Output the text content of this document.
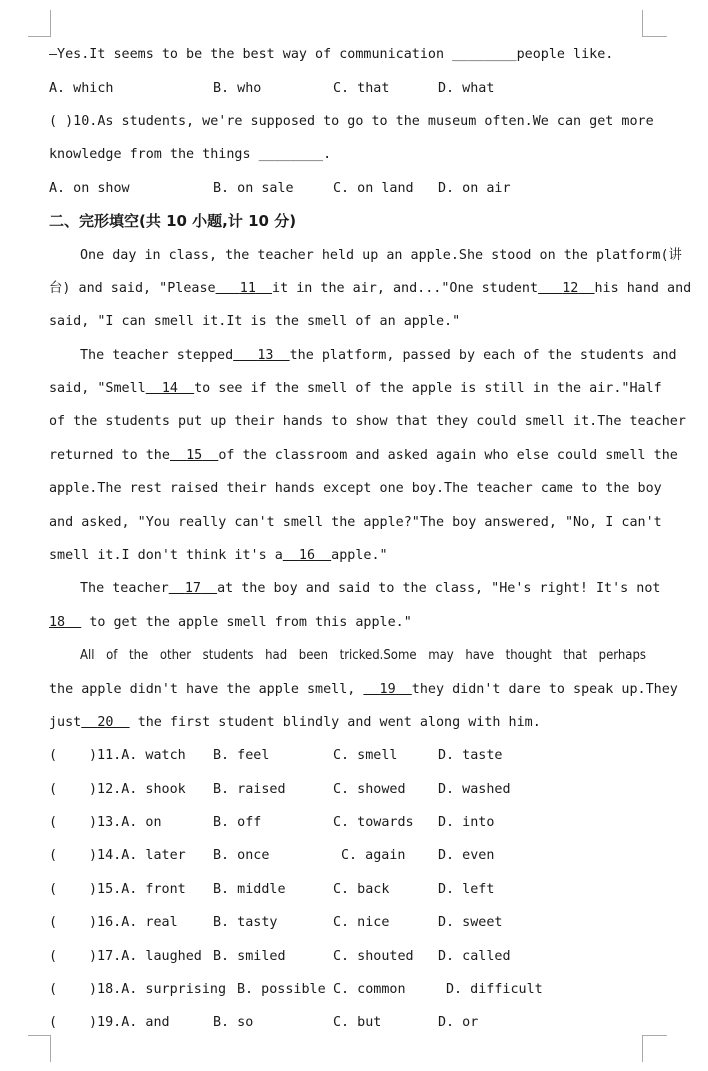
—Yes.It seems to be the best way of communication ________people like.
A. which	B. who	C. that	D. what
( )10.As students, we're supposed to go to the museum often.We can get more
knowledge from the things ________.
A. on show	B. on sale	C. on land D. on air
二、完形填空(共 10 小题,计 10 分)
One day in class, the teacher held up an apple.She stood on the platform(讲
台) and said, "Please 11 it in the air, and..."One student 12 his hand and
said, "I can smell it.It is the smell of an apple."
The teacher stepped 13 the platform, passed by each of the students and
said, "Smell 14 to see if the smell of the apple is still in the air."Half
of the students put up their hands to show that they could smell it.The teacher
returned to the 15 of the classroom and asked again who else could smell the
apple.The rest raised their hands except one boy.The teacher came to the boy
and asked, "You really can't smell the apple?"The boy answered, "No, I can't
smell it.I don't think it's a 16 apple."
The teacher 17 at the boy and said to the class, "He's right! It's not
18 to get the apple smell from this apple."
All of the other students had been tricked.Some may have thought that perhaps
the apple didn't have the apple smell, 19 they didn't dare to speak up.They
just 20 the first student blindly and went along with him.
( )11.A. watch B. feel	C. smell	D. taste
( )12.A. shook B. raised	C. showed D. washed
( )13.A. on	B. off	C. towards D. into
( )14.A. later B. once	C. again D. even
( )15.A. front B. middle	C. back	D. left
( )16.A. real	B. tasty	C. nice	D. sweet
( )17.A. laughed B. smiled	C. shouted D. called
( )18.A. surprising B. possible C. common	D. difficult
( )19.A. and	B. so	C. but	D. or
